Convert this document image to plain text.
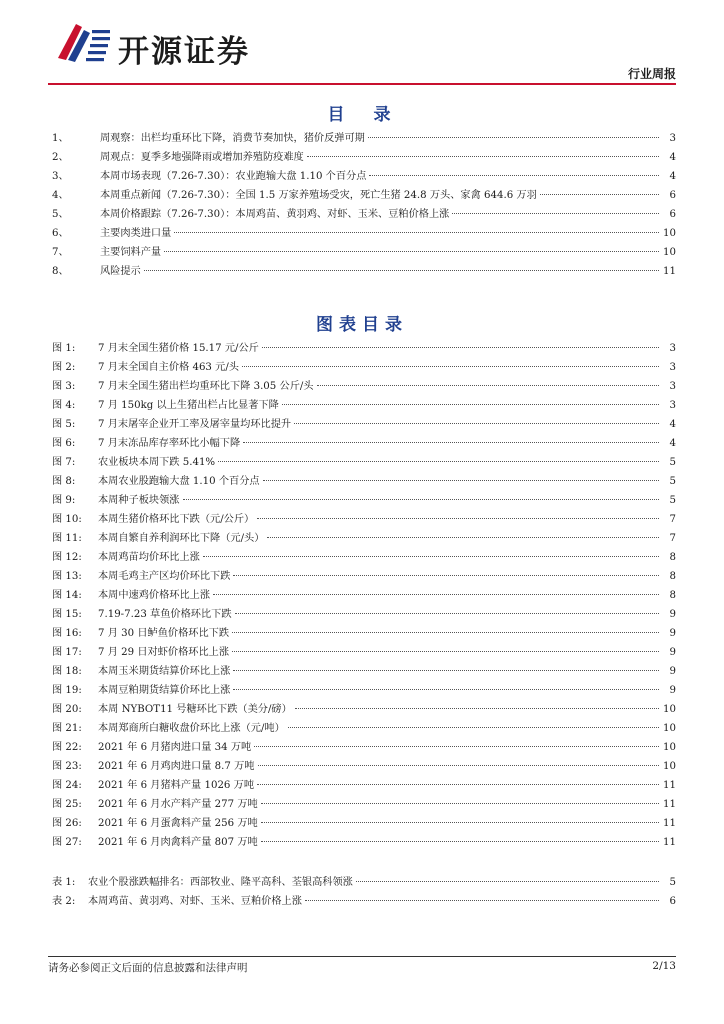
开源证券
行业周报
目　录
1、	周观察：出栏均重环比下降，消费节奏加快，猪价反弹可期	3
2、	周观点：夏季多地强降雨或增加养殖防疫难度	4
3、	本周市场表现（7.26-7.30）：农业跑输大盘 1.10 个百分点	4
4、	本周重点新闻（7.26-7.30）：全国 1.5 万家养殖场受灾，死亡生猪 24.8 万头、家禽 644.6 万羽	6
5、	本周价格跟踪（7.26-7.30）：本周鸡苗、黄羽鸡、对虾、玉米、豆粕价格上涨	6
6、	主要肉类进口量	10
7、	主要饲料产量	10
8、	风险提示	11
图表目录
图 1:	7 月末全国生猪价格 15.17 元/公斤	3
图 2:	7 月末全国自主价格 463 元/头	3
图 3:	7 月末全国生猪出栏均重环比下降 3.05 公斤/头	3
图 4:	7 月 150kg 以上生猪出栏占比显著下降	3
图 5:	7 月末屠宰企业开工率及屠宰量均环比提升	4
图 6:	7 月末冻品库存率环比小幅下降	4
图 7:	农业板块本周下跌 5.41%	5
图 8:	本周农业股跑输大盘 1.10 个百分点	5
图 9:	本周种子板块领涨	5
图 10:	本周生猪价格环比下跌（元/公斤）	7
图 11:	本周自繁自养利润环比下降（元/头）	7
图 12:	本周鸡苗均价环比上涨	8
图 13:	本周毛鸡主产区均价环比下跌	8
图 14:	本周中速鸡价格环比上涨	8
图 15:	7.19-7.23 草鱼价格环比下跌	9
图 16:	7 月 30 日鲈鱼价格环比下跌	9
图 17:	7 月 29 日对虾价格环比上涨	9
图 18:	本周玉米期货结算价环比上涨	9
图 19:	本周豆粕期货结算价环比上涨	9
图 20:	本周 NYBOT11 号糖环比下跌（美分/磅）	10
图 21:	本周郑商所白糖收盘价环比上涨（元/吨）	10
图 22:	2021 年 6 月猪肉进口量 34 万吨	10
图 23:	2021 年 6 月鸡肉进口量 8.7 万吨	10
图 24:	2021 年 6 月猪料产量 1026 万吨	11
图 25:	2021 年 6 月水产料产量 277 万吨	11
图 26:	2021 年 6 月蛋禽料产量 256 万吨	11
图 27:	2021 年 6 月肉禽料产量 807 万吨	11
表 1:	农业个股涨跌幅排名：西部牧业、隆平高科、荃银高科领涨	5
表 2:	本周鸡苗、黄羽鸡、对虾、玉米、豆粕价格上涨	6
请务必参阅正文后面的信息披露和法律声明	2/13
